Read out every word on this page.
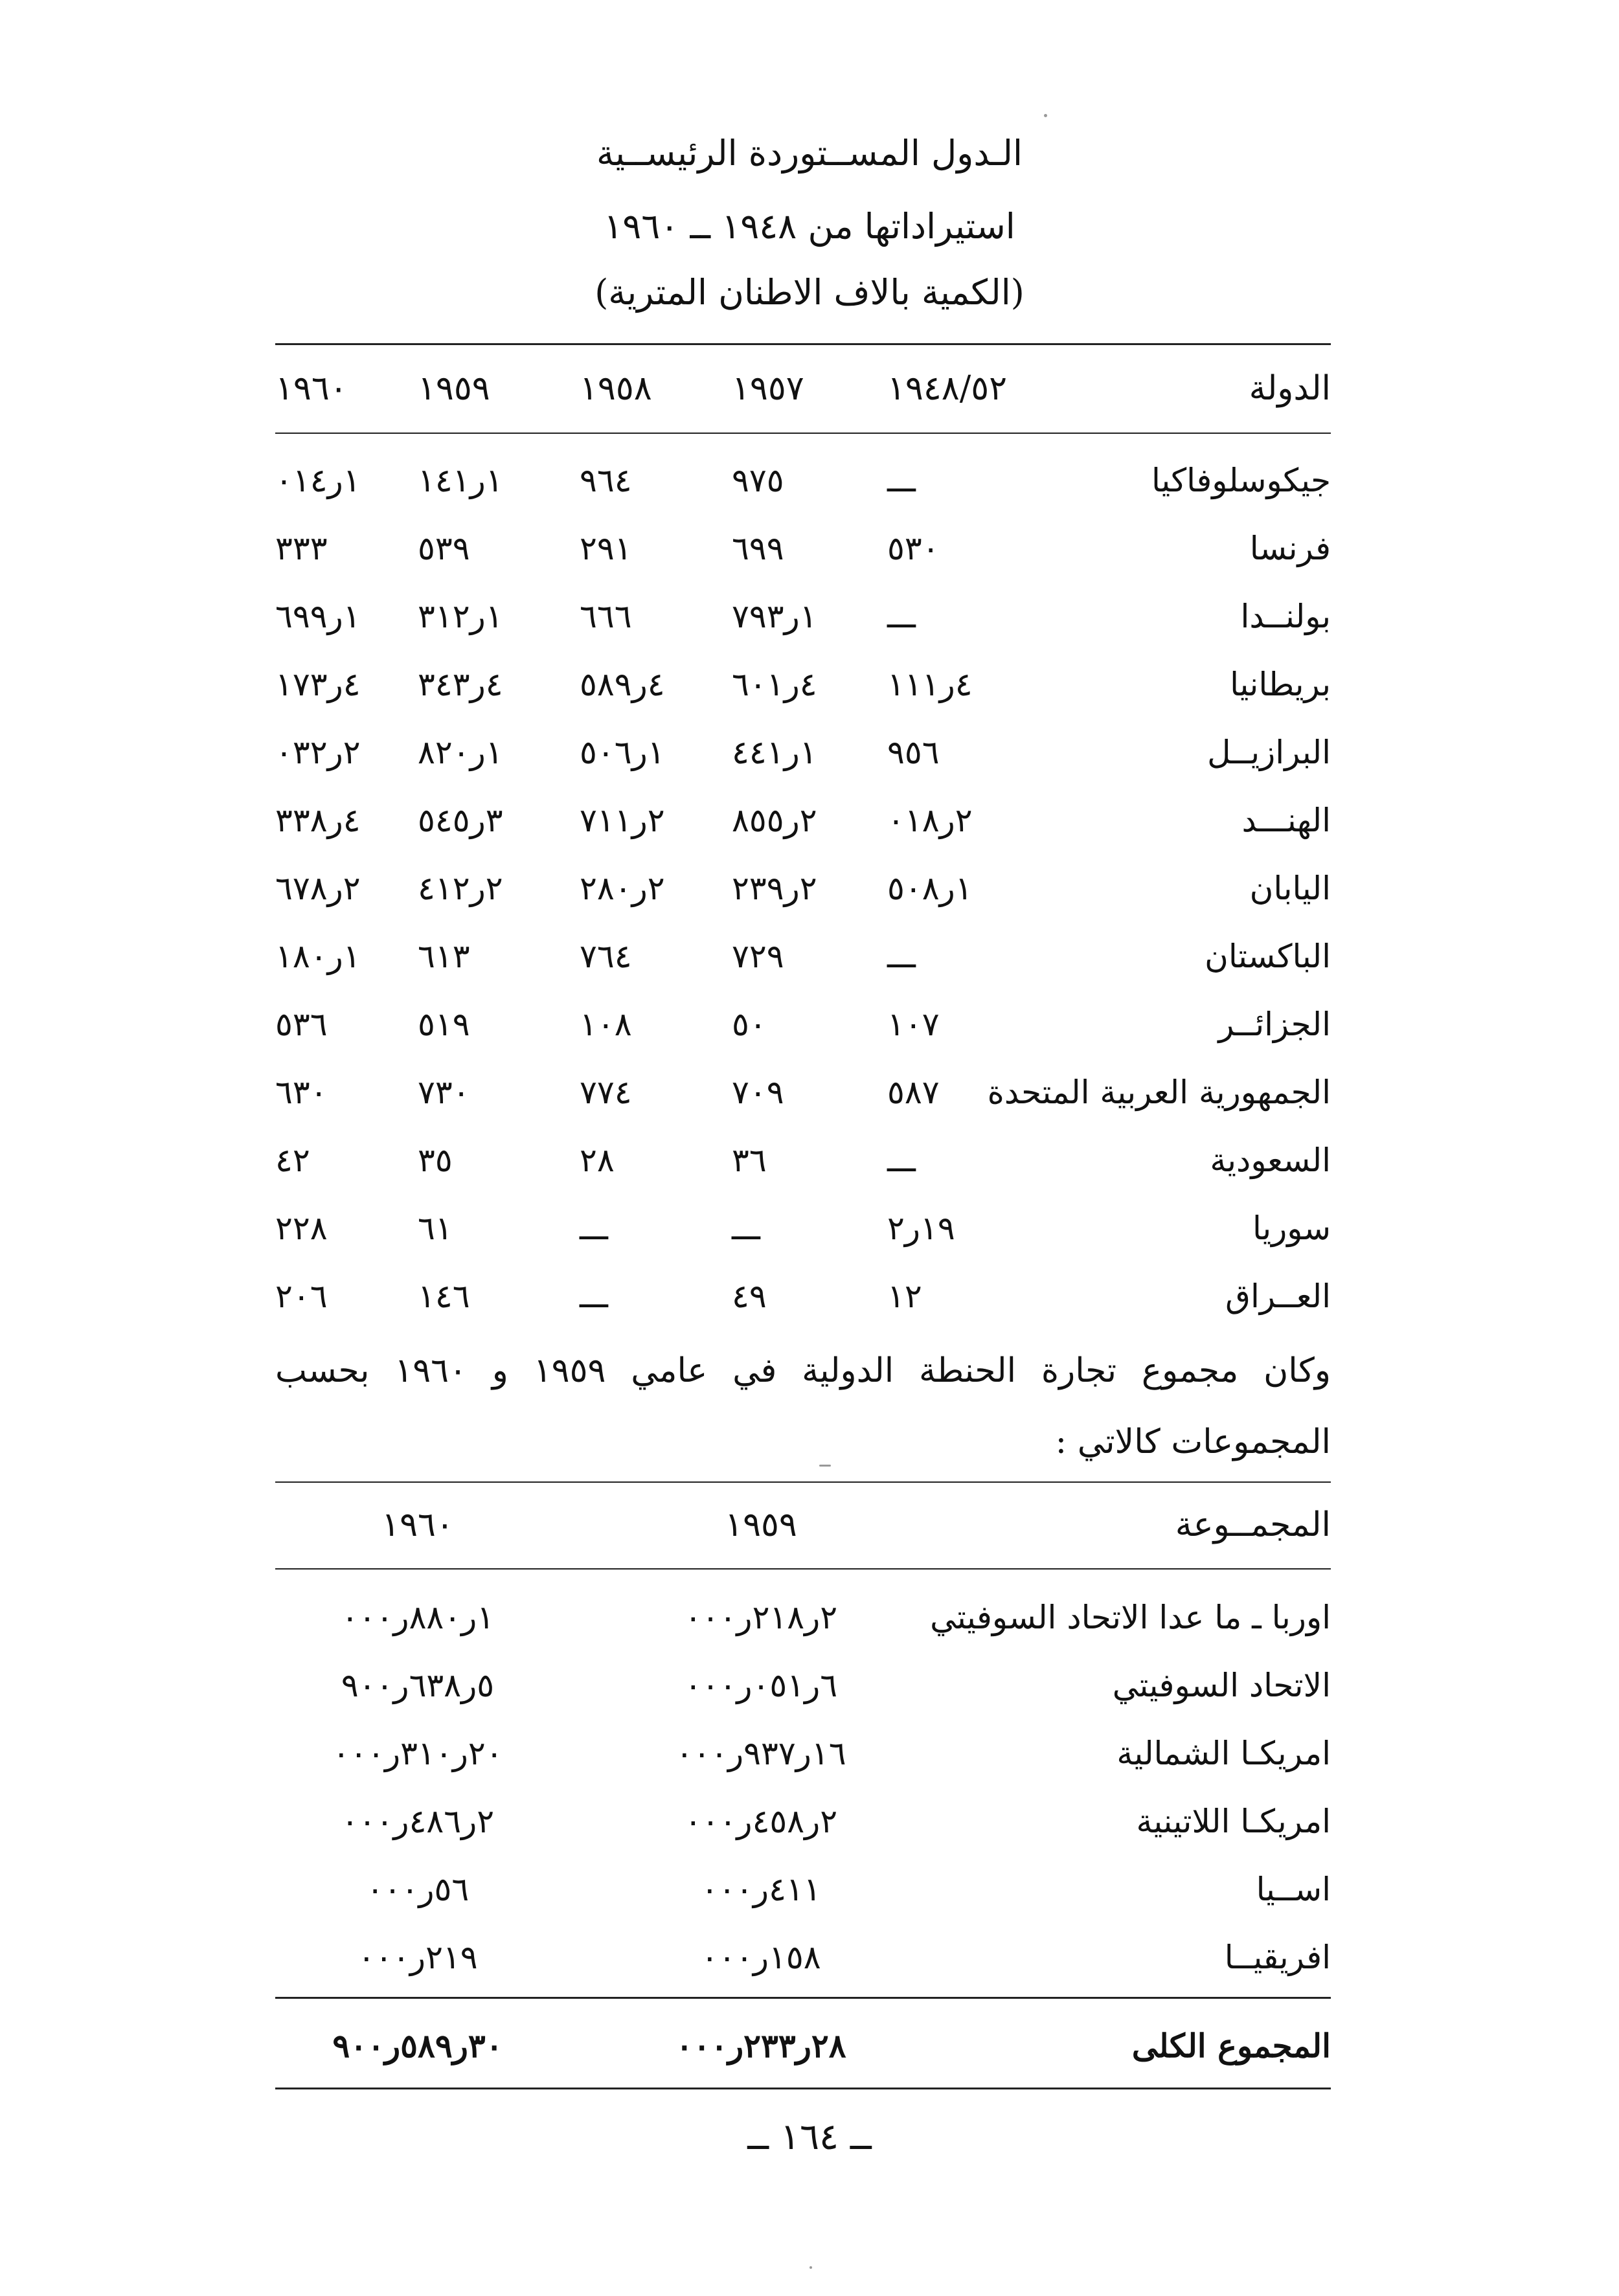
الـدول المســتوردة الرئيســية
استيراداتها من ١٩٤٨ ــ ١٩٦٠
(الكمية بالاف الاطنان المترية)
الدولة
١٩٤٨/٥٢
١٩٥٧
١٩٥٨
١٩٥٩
١٩٦٠
جيكوسلوفاكيا
ـــ
٩٧٥
٩٦٤
١ر١٤١
١ر٠١٤
فرنسا
٥٣٠
٦٩٩
٢٩١
٥٣٩
٣٣٣
بولنــدا
ـــ
١ر٧٩٣
٦٦٦
١ر٣١٢
١ر٦٩٩
بريطانيا
٤ر١١١
٤ر٦٠١
٤ر٥٨٩
٤ر٣٤٣
٤ر١٧٣
البرازيــل
٩٥٦
١ر٤٤١
١ر٥٠٦
١ر٨٢٠
٢ر٠٣٢
الهنـــد
٢ر٠١٨
٢ر٨٥٥
٢ر٧١١
٣ر٥٤٥
٤ر٣٣٨
اليابان
١ر٥٠٨
٢ر٢٣٩
٢ر٢٨٠
٢ر٤١٢
٢ر٦٧٨
الباكستان
ـــ
٧٢٩
٧٦٤
٦١٣
١ر١٨٠
الجزائــر
١٠٧
٥٠
١٠٨
٥١٩
٥٣٦
الجمهورية العربية المتحدة
٥٨٧
٧٠٩
٧٧٤
٧٣٠
٦٣٠
السعودية
ـــ
٣٦
٢٨
٣٥
٤٢
سوريا
١٩ر٢
ـــ
ـــ
٦١
٢٢٨
العــراق
١٢
٤٩
ـــ
١٤٦
٢٠٦
وكان مجموع تجارة الحنطة الدولية في عامي ١٩٥٩ و ١٩٦٠ بحسب المجموعات كالاتي :
المجمــوعة
١٩٥٩
١٩٦٠
اوربا ـ ما عدا الاتحاد السوفيتي
٢ر٢١٨ر٠٠٠
١ر٨٨٠ر٠٠٠
الاتحاد السوفيتي
٦ر٠٥١ر٠٠٠
٥ر٦٣٨ر٩٠٠
امريكـا الشمالية
١٦ر٩٣٧ر٠٠٠
٢٠ر٣١٠ر٠٠٠
امريكـا اللاتينية
٢ر٤٥٨ر٠٠٠
٢ر٤٨٦ر٠٠٠
اســيا
٤١١ر٠٠٠
٥٦ر٠٠٠
افريقيــا
١٥٨ر٠٠٠
٢١٩ر٠٠٠
المجموع الكلى
٢٨ر٢٣٣ر٠٠٠
٣٠ر٥٨٩ر٩٠٠
ــ ١٦٤ ــ
